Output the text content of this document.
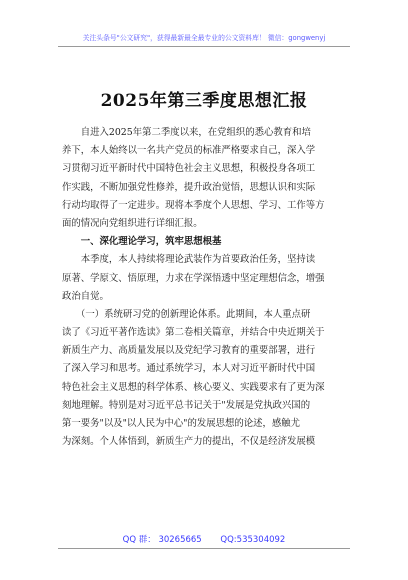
关注头条号"公文研究"，获得最新最全最专业的公文资料库！ 微信：gongwenyj
2025年第三季度思想汇报
　　自进入2025年第二季度以来，在党组织的悉心教育和培
养下，本人始终以一名共产党员的标准严格要求自己，深入学
习贯彻习近平新时代中国特色社会主义思想，积极投身各项工
作实践，不断加强党性修养，提升政治觉悟，思想认识和实际
行动均取得了一定进步。现将本季度个人思想、学习、工作等方
面的情况向党组织进行详细汇报。
　　一、深化理论学习，筑牢思想根基
　　本季度，本人持续将理论武装作为首要政治任务，坚持读
原著、学原文、悟原理，力求在学深悟透中坚定理想信念，增强
政治自觉。
　　（一）系统研习党的创新理论体系。此期间，本人重点研
读了《习近平著作选读》第二卷相关篇章，并结合中央近期关于
新质生产力、高质量发展以及党纪学习教育的重要部署，进行
了深入学习和思考。通过系统学习，本人对习近平新时代中国
特色社会主义思想的科学体系、核心要义、实践要求有了更为深
刻地理解。特别是对习近平总书记关于"发展是党执政兴国的
第一要务"以及"以人民为中心"的发展思想的论述，感触尤
为深刻。个人体悟到，新质生产力的提出，不仅是经济发展模
QQ 群： 30265665 QQ:535304092
